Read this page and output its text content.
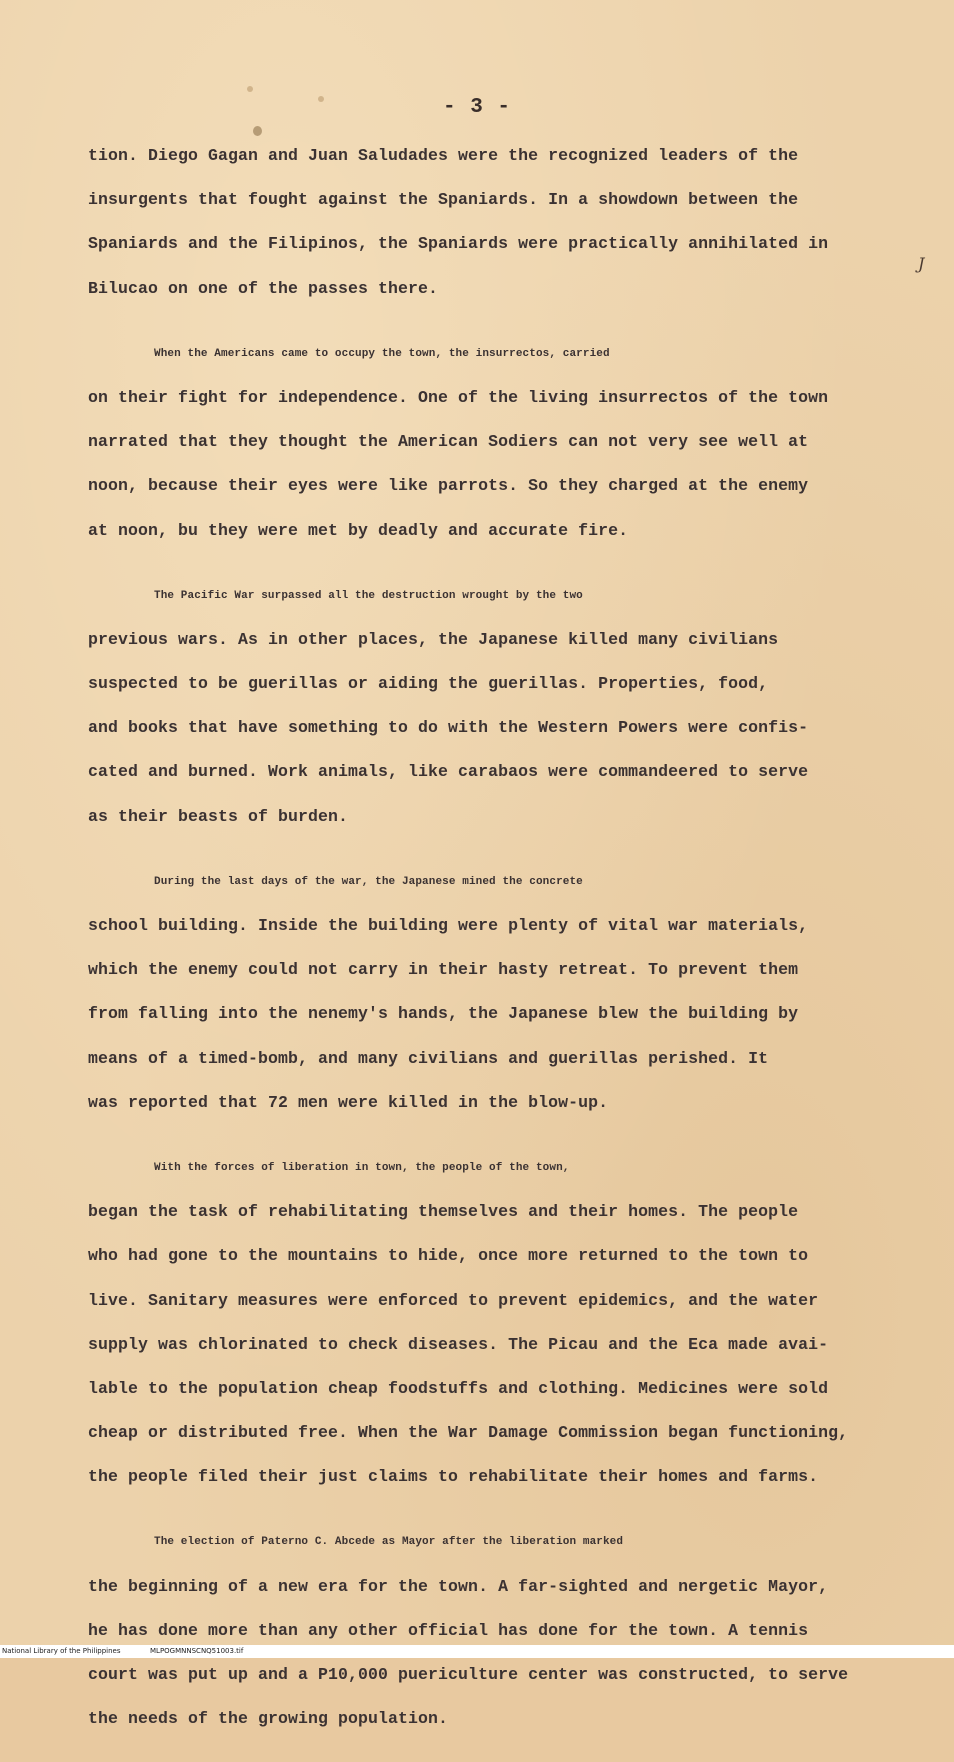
- 3 -
J
tion. Diego Gagan and Juan Saludades were the recognized leaders of the
insurgents that fought against the Spaniards. In a showdown between the
Spaniards and the Filipinos, the Spaniards were practically annihilated in
Bilucao on one of the passes there.
When the Americans came to occupy the town, the insurrectos, carried
on their fight for independence. One of the living insurrectos of the town
narrated that they thought the American Sodiers can not very see well at
noon, because their eyes were like parrots. So they charged at the enemy
at noon, bu they were met by deadly and accurate fire.
The Pacific War surpassed all the destruction wrought by the two
previous wars. As in other places, the Japanese killed many civilians
suspected to be guerillas or aiding the guerillas. Properties, food,
and books that have something to do with the Western Powers were confis-
cated and burned. Work animals, like carabaos were commandeered to serve
as their beasts of burden.
During the last days of the war, the Japanese mined the concrete
school building. Inside the building were plenty of vital war materials,
which the enemy could not carry in their hasty retreat. To prevent them
from falling into the nenemy's hands, the Japanese blew the building by
means of a timed-bomb, and many civilians and guerillas perished. It
was reported that 72 men were killed in the blow-up.
With the forces of liberation in town, the people of the town,
began the task of rehabilitating themselves and their homes. The people
who had gone to the mountains to hide, once more returned to the town to
live. Sanitary measures were enforced to prevent epidemics, and the water
supply was chlorinated to check diseases. The Picau and the Eca made avai-
lable to the population cheap foodstuffs and clothing. Medicines were sold
cheap or distributed free. When the War Damage Commission began functioning,
the people filed their just claims to rehabilitate their homes and farms.
The election of Paterno C. Abcede as Mayor after the liberation marked
the beginning of a new era for the town. A far-sighted and nergetic Mayor,
he has done more than any other official has done for the town. A tennis
court was put up and a P10,000 puericulture center was constructed, to serve
the needs of the growing population.
National Library of the Philippines	MLPOGMNNSCNQ51003.tif
